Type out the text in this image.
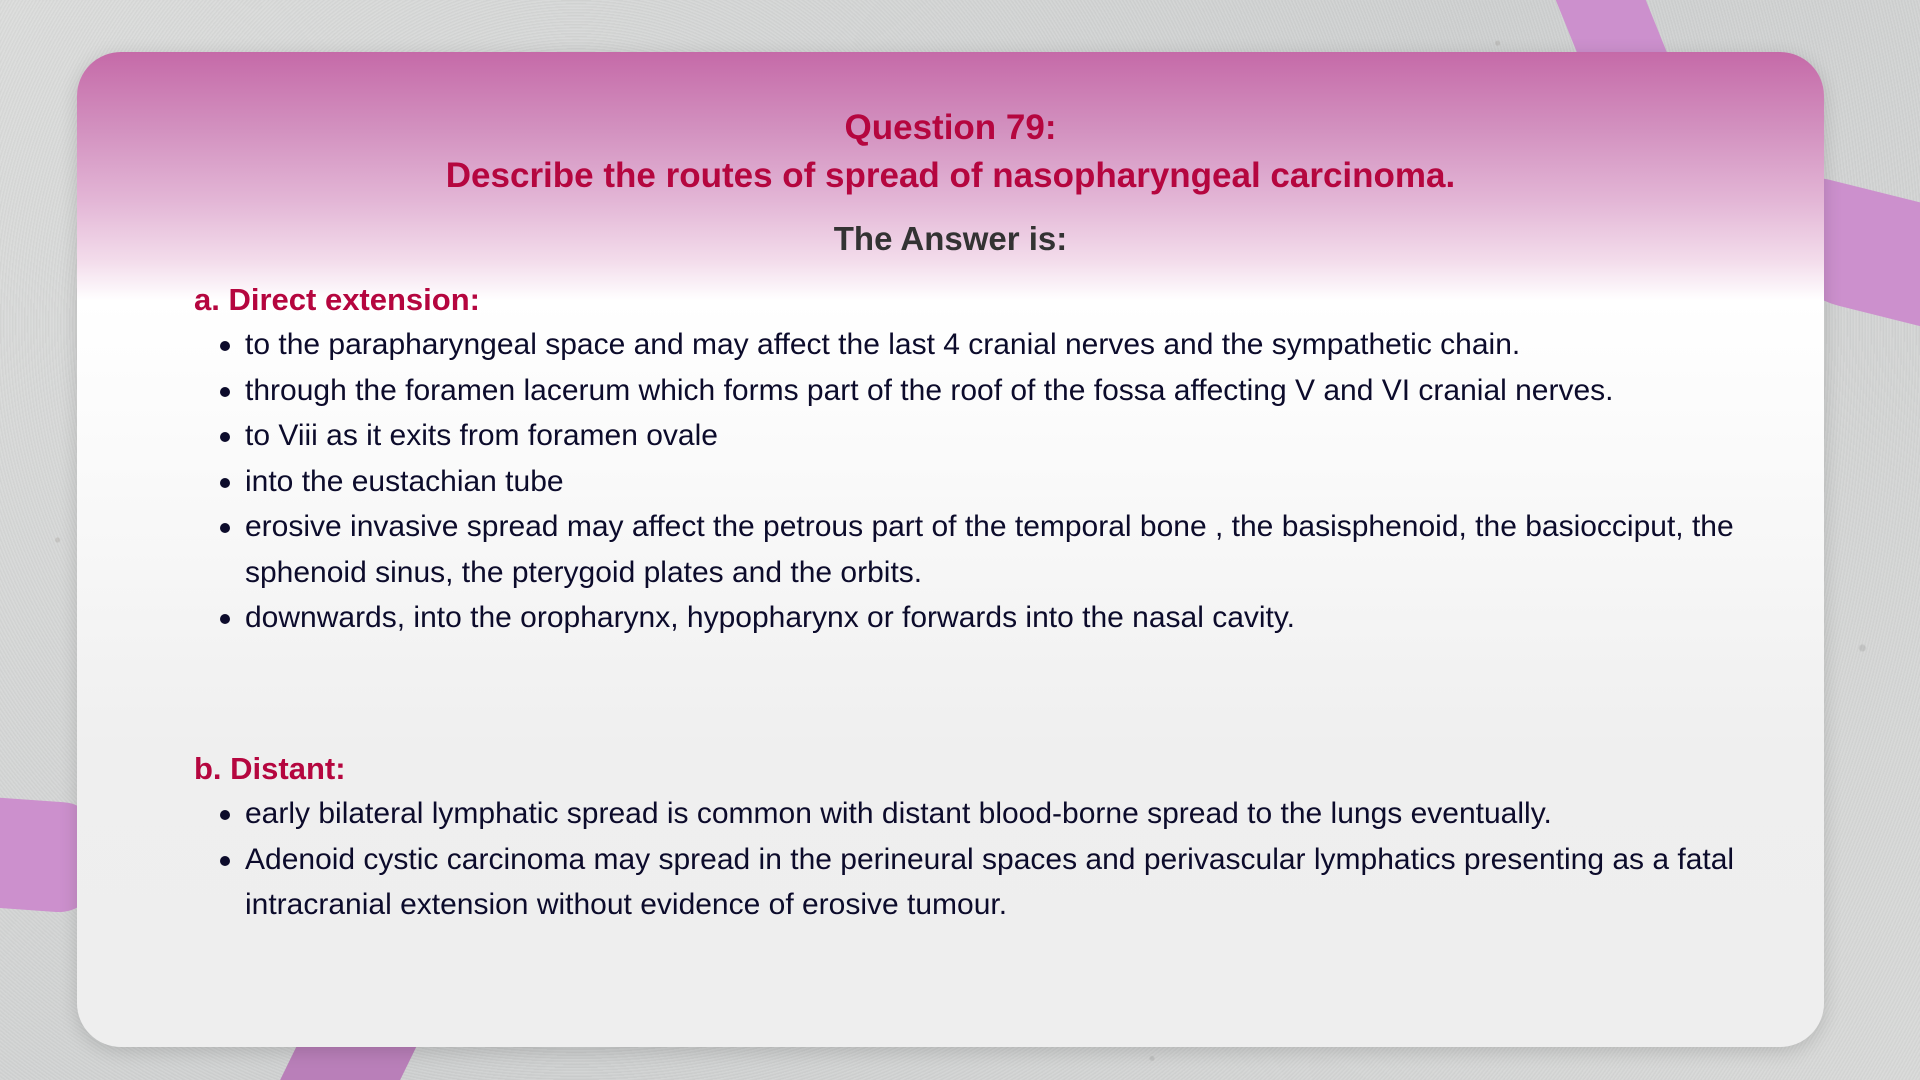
Question 79:
Describe the routes of spread of nasopharyngeal carcinoma.
The Answer is:
a. Direct extension:
to the parapharyngeal space and may affect the last 4 cranial nerves and the sympathetic chain.
through the foramen lacerum which forms part of the roof of the fossa affecting V and VI cranial nerves.
to Viii as it exits from foramen ovale
into the eustachian tube
erosive invasive spread may affect the petrous part of the temporal bone , the basisphenoid, the basiocciput, the sphenoid sinus, the pterygoid plates and the orbits.
downwards, into the oropharynx, hypopharynx or forwards into the nasal cavity.
b. Distant:
early bilateral lymphatic spread is common with distant blood-borne spread to the lungs eventually.
Adenoid cystic carcinoma may spread in the perineural spaces and perivascular lymphatics presenting as a fatal intracranial extension without evidence of erosive tumour.
